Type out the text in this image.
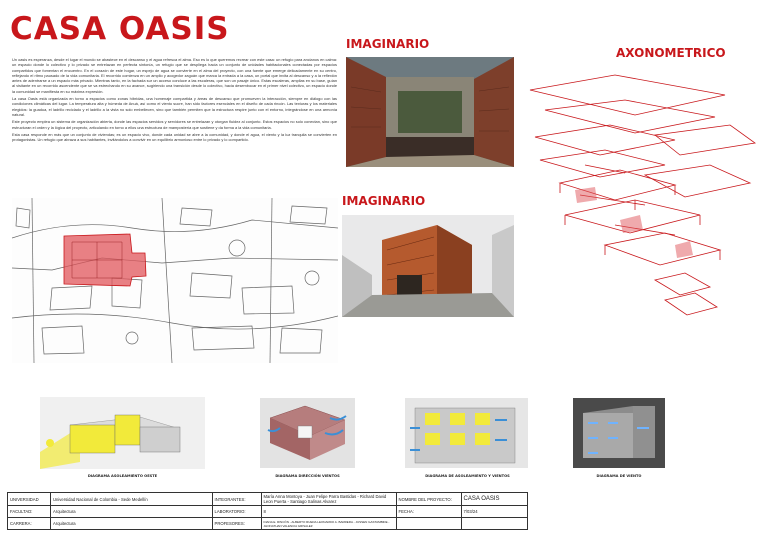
CASA OASIS

Un oasis es esperanza, desde el lugar el mundo se abastece en el descanso y el agua refresca el alma. Eso es lo que queremos recrear con este casa: un refugio para ancianos en calma: un espacio donde lo colectivo y lo privado se entrelazan en perfecta sintonía, un refugio que se despliega hacia un conjunto de unidades habitacionales conectadas por espacios compartidos que fomentan el encuentro. En el corazón de este hogar, un espejo de agua se convierte en el alma del proyecto, con una fuente que emerge delicadamente en su centro, reflejando el ritmo pausado de la vida comunitaria. El recorrido comienza en un amplio y acogedor zaguán que marca la entrada a la casa, un portal que invita al descanso y a la reflexión antes de adentrarse a un espacio más privado. Mientras tanto, en la fachada sur un acceso conduce a las escaleras, que son un pasaje único. Estas escaleras, amplias en su base, guían al visitante en un recorrido ascendente que se va estrechando en su avance, sugiriendo una transición desde lo colectivo, hacia desembocar en el primer nivel colectivo, un espacio donde la comunidad se manifiesta en su máxima expresión.

La casa Oasis está organizada en torno a espacios como zonas híbridas, una homenaje compartida y áreas de descanso que promueven la interacción, siempre en diálogo con las condiciones climáticas del lugar. La temperatura alta y húmeda de Anuá, así como el viento sucre, han sido factores esenciales en el diseño de cada rincón. Las texturas y los materiales elegidos: la guadua, el ladrillo reciclado y el ladrillo a la vista no solo embellecen, sino que también permiten que la estructura respire junto con el entorno, integrándose en una armonía natural.

Este proyecto emplea un sistema de organización abierta, donde las espacios servidos y servidores se entrelazan y otorgan fluidez al conjunto. Estos espacios no solo conectan, sino que estructuran el orden y la lógica del proyecto, articulando en torno a ellos una estructura de mampostería que sostiene y da forma a la vida comunitaria.

Esta casa responde en más que un conjunto de viviendas; es un espacio vivo, donde cada unidad se abre a la comunidad, y donde el agua, el viento y la luz tranquila se convierten en protagonistas. Un refugio que abraza a sus habitantes, invitándolos a convivir en un equilibrio armonioso entre lo privado y lo compartido.

IMAGINARIO
IMAGINARIO
AXONOMETRICO
DIAGRAMA ASOLEAMIENTO OESTE	DIAGRAMA DIRECCIÓN VIENTOS	DIAGRAMA DE ASOLEAMIENTO Y VIENTOS	DIAGRAMA DE VIENTO
UNIVERSIDAD	Universidad Nacional de Colombia - Sede Medellín	INTEGRANTES:	María Anna Montoya - Juan Felipe Parra Bastidas - Richard David Leon Puerta - Santiago Salinas Alvarez	NOMBRE DEL PROYECTO:	CASA OASIS
FACULTAD:	Arquitectura	LABORATORIO:	8	FECHA:	7/03/24
CARRERA:	Arquitectura	PROFESORES:	DIANA E. RINCÓN - ALBERTO RUEDA LEONARDO A. BARRERA - JUSSEN GASTAMBIDE - JHONATHAN VALENCIA GRISALEZ		
